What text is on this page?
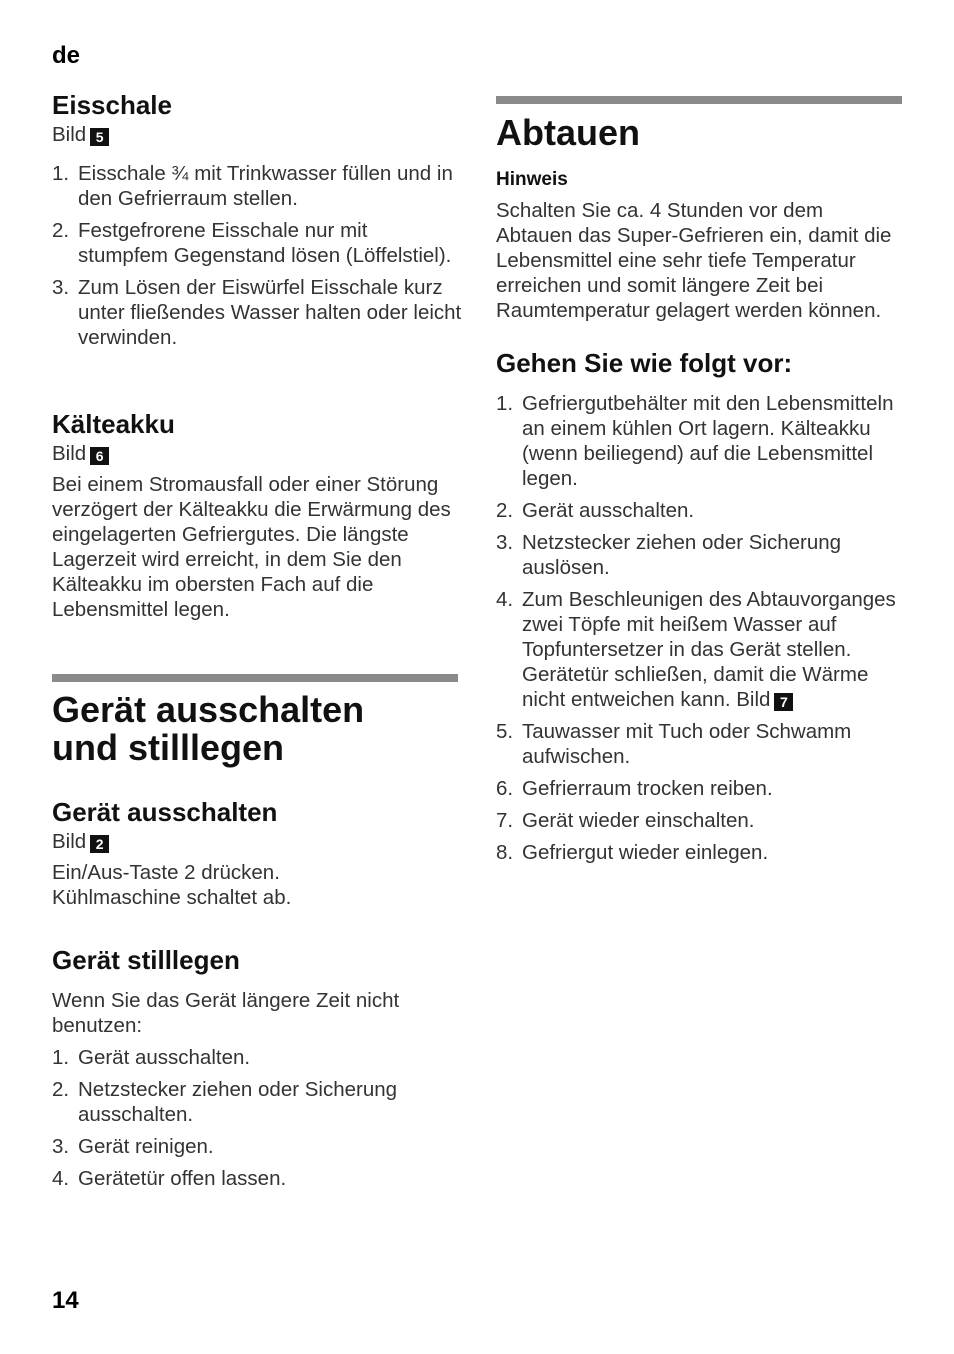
de
Eisschale

Bild 5

1. Eisschale ¾ mit Trinkwasser füllen und in den Gefrierraum stellen.
2. Festgefrorene Eisschale nur mit stumpfem Gegenstand lösen (Löffelstiel).
3. Zum Lösen der Eiswürfel Eisschale kurz unter fließendes Wasser halten oder leicht verwinden.
Kälteakku

Bild 6

Bei einem Stromausfall oder einer Störung verzögert der Kälteakku die Erwärmung des eingelagerten Gefriergutes. Die längste Lagerzeit wird erreicht, in dem Sie den Kälteakku im obersten Fach auf die Lebensmittel legen.

Gerät ausschalten
und stilllegen
Gerät ausschalten

Bild 2

Ein/Aus-Taste 2 drücken.

Kühlmaschine schaltet ab.

Gerät stilllegen

Wenn Sie das Gerät längere Zeit nicht benutzen:

1. Gerät ausschalten.
2. Netzstecker ziehen oder Sicherung ausschalten.
3. Gerät reinigen.
4. Gerätetür offen lassen.
Abtauen
Hinweis

Schalten Sie ca. 4 Stunden vor dem Abtauen das Super-Gefrieren ein, damit die Lebensmittel eine sehr tiefe Temperatur erreichen und somit längere Zeit bei Raumtemperatur gelagert werden können.

Gehen Sie wie folgt vor:
1. Gefriergutbehälter mit den Lebensmitteln an einem kühlen Ort lagern. Kälteakku (wenn beiliegend) auf die Lebensmittel legen.
2. Gerät ausschalten.
3. Netzstecker ziehen oder Sicherung auslösen.
4. Zum Beschleunigen des Abtauvorganges zwei Töpfe mit heißem Wasser auf Topfuntersetzer in das Gerät stellen. Gerätetür schließen, damit die Wärme nicht entweichen kann. Bild 7
5. Tauwasser mit Tuch oder Schwamm aufwischen.
6. Gefrierraum trocken reiben.
7. Gerät wieder einschalten.
8. Gefriergut wieder einlegen.
14
